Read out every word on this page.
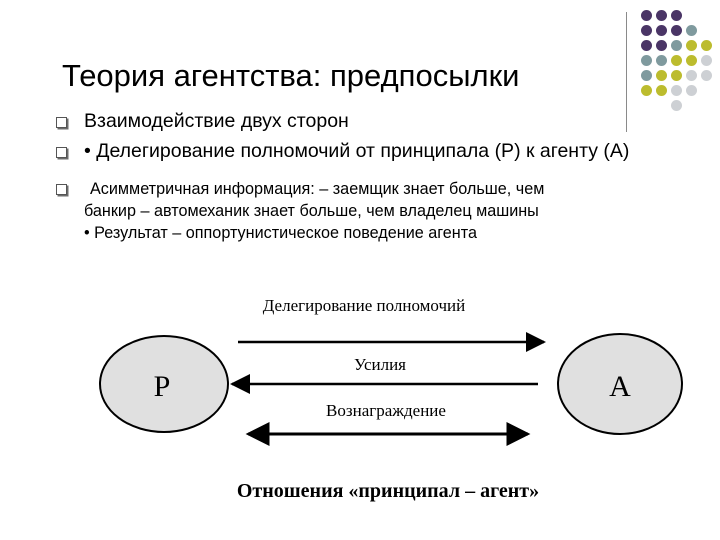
Теория агентства: предпосылки
Взаимодействие двух сторон
• Делегирование полномочий от принципала (P) к агенту (A)
Асимметричная информация: – заемщик знает больше, чем
банкир – автомеханик знает больше, чем владелец машины
• Результат – оппортунистическое поведение агента
Делегирование полномочий
P	A
Усилия
Вознаграждение
Отношения «принципал – агент»
